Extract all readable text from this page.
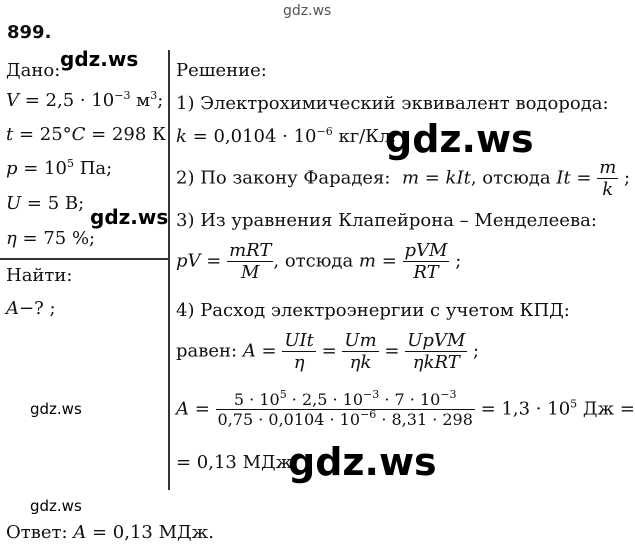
gdz.ws
899.
Дано:
$V = 2,5 \cdot 10^{-3}$ $м^3$;
t = 25°C = 298 К
$p = 10^5$ Па;
U = 5 В;
η = 75 %;
Найти:
A−? ;
Решение:
1) Электрохимический эквивалент водорода:
$k = 0,0104 \cdot 10^{-6}$ кг/Кл;
2) По закону Фарадея:  m = kIt, отсюда $It = \frac{m}{k}$ ;
3) Из уравнения Клапейрона – Менделеева:
pV = $\frac{\text{mRT}}{M}$ , отсюда $m = \frac{\text{pVM}}{RT}$ ;
4) Расход электроэнергии с учетом КПД:
равен: $A = \frac{\text{UIt}}{\eta} = \frac{Um}{\eta k} = \frac{\text{UpVM}}{\text{ηkRT}}$ ;
$A = \frac{5 \cdot 10^5 \cdot 2,5 \cdot 10^{-3} \cdot 7 \cdot 10^{-3}}{0,75 \cdot 0,0104 \cdot 10^{-6} \cdot 8,31 \cdot 298} = 1,3 \cdot 10^5$ Дж =
= 0,13 МДж;
Ответ: A = 0,13 МДж.
gdz.ws
gdz.ws
gdz.ws
gdz.ws
gdz.ws
gdz.ws
